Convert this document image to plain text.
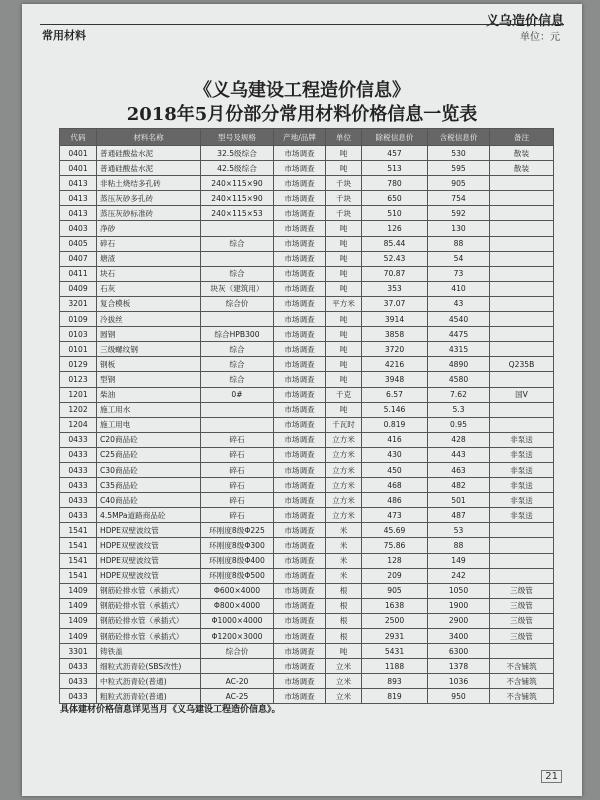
义乌造价信息
常用材料	单位：元
《义乌建设工程造价信息》
2018年5月份部分常用材料价格信息一览表
代码	材料名称	型号及规格	产地/品牌	单位	除税信息价	含税信息价	备注
0401	普通硅酸盐水泥	32.5级综合	市场调查	吨	457	530	散装
0401	普通硅酸盐水泥	42.5级综合	市场调查	吨	513	595	散装
0413	非粘土烧结多孔砖	240×115×90	市场调查	千块	780	905	
0413	蒸压灰砂多孔砖	240×115×90	市场调查	千块	650	754	
0413	蒸压灰砂标准砖	240×115×53	市场调查	千块	510	592	
0403	净砂		市场调查	吨	126	130	
0405	碎石	综合	市场调查	吨	85.44	88	
0407	塘渣		市场调查	吨	52.43	54	
0411	块石	综合	市场调查	吨	70.87	73	
0409	石灰	块灰（建筑用）	市场调查	吨	353	410	
3201	复合模板	综合价	市场调查	平方米	37.07	43	
0109	冷拔丝		市场调查	吨	3914	4540	
0103	圆钢	综合HPB300	市场调查	吨	3858	4475	
0101	三级螺纹钢	综合	市场调查	吨	3720	4315	
0129	钢板	综合	市场调查	吨	4216	4890	Q235B
0123	型钢	综合	市场调查	吨	3948	4580	
1201	柴油	0#	市场调查	千克	6.57	7.62	国V
1202	施工用水		市场调查	吨	5.146	5.3	
1204	施工用电		市场调查	千瓦时	0.819	0.95	
0433	C20商品砼	碎石	市场调查	立方米	416	428	非泵送
0433	C25商品砼	碎石	市场调查	立方米	430	443	非泵送
0433	C30商品砼	碎石	市场调查	立方米	450	463	非泵送
0433	C35商品砼	碎石	市场调查	立方米	468	482	非泵送
0433	C40商品砼	碎石	市场调查	立方米	486	501	非泵送
0433	4.5MPa道路商品砼	碎石	市场调查	立方米	473	487	非泵送
1541	HDPE双壁波纹管	环刚度8级Φ225	市场调查	米	45.69	53	
1541	HDPE双壁波纹管	环刚度8级Φ300	市场调查	米	75.86	88	
1541	HDPE双壁波纹管	环刚度8级Φ400	市场调查	米	128	149	
1541	HDPE双壁波纹管	环刚度8级Φ500	市场调查	米	209	242	
1409	钢筋砼排水管（承插式）	Φ600×4000	市场调查	根	905	1050	三级管
1409	钢筋砼排水管（承插式）	Φ800×4000	市场调查	根	1638	1900	三级管
1409	钢筋砼排水管（承插式）	Φ1000×4000	市场调查	根	2500	2900	三级管
1409	钢筋砼排水管（承插式）	Φ1200×3000	市场调查	根	2931	3400	三级管
3301	铸铁盖	综合价	市场调查	吨	5431	6300	
0433	细粒式沥青砼(SBS改性)		市场调查	立米	1188	1378	不含铺筑
0433	中粒式沥青砼(普通)	AC-20	市场调查	立米	893	1036	不含铺筑
0433	粗粒式沥青砼(普通)	AC-25	市场调查	立米	819	950	不含铺筑
具体建材价格信息详见当月《义乌建设工程造价信息》。
21
